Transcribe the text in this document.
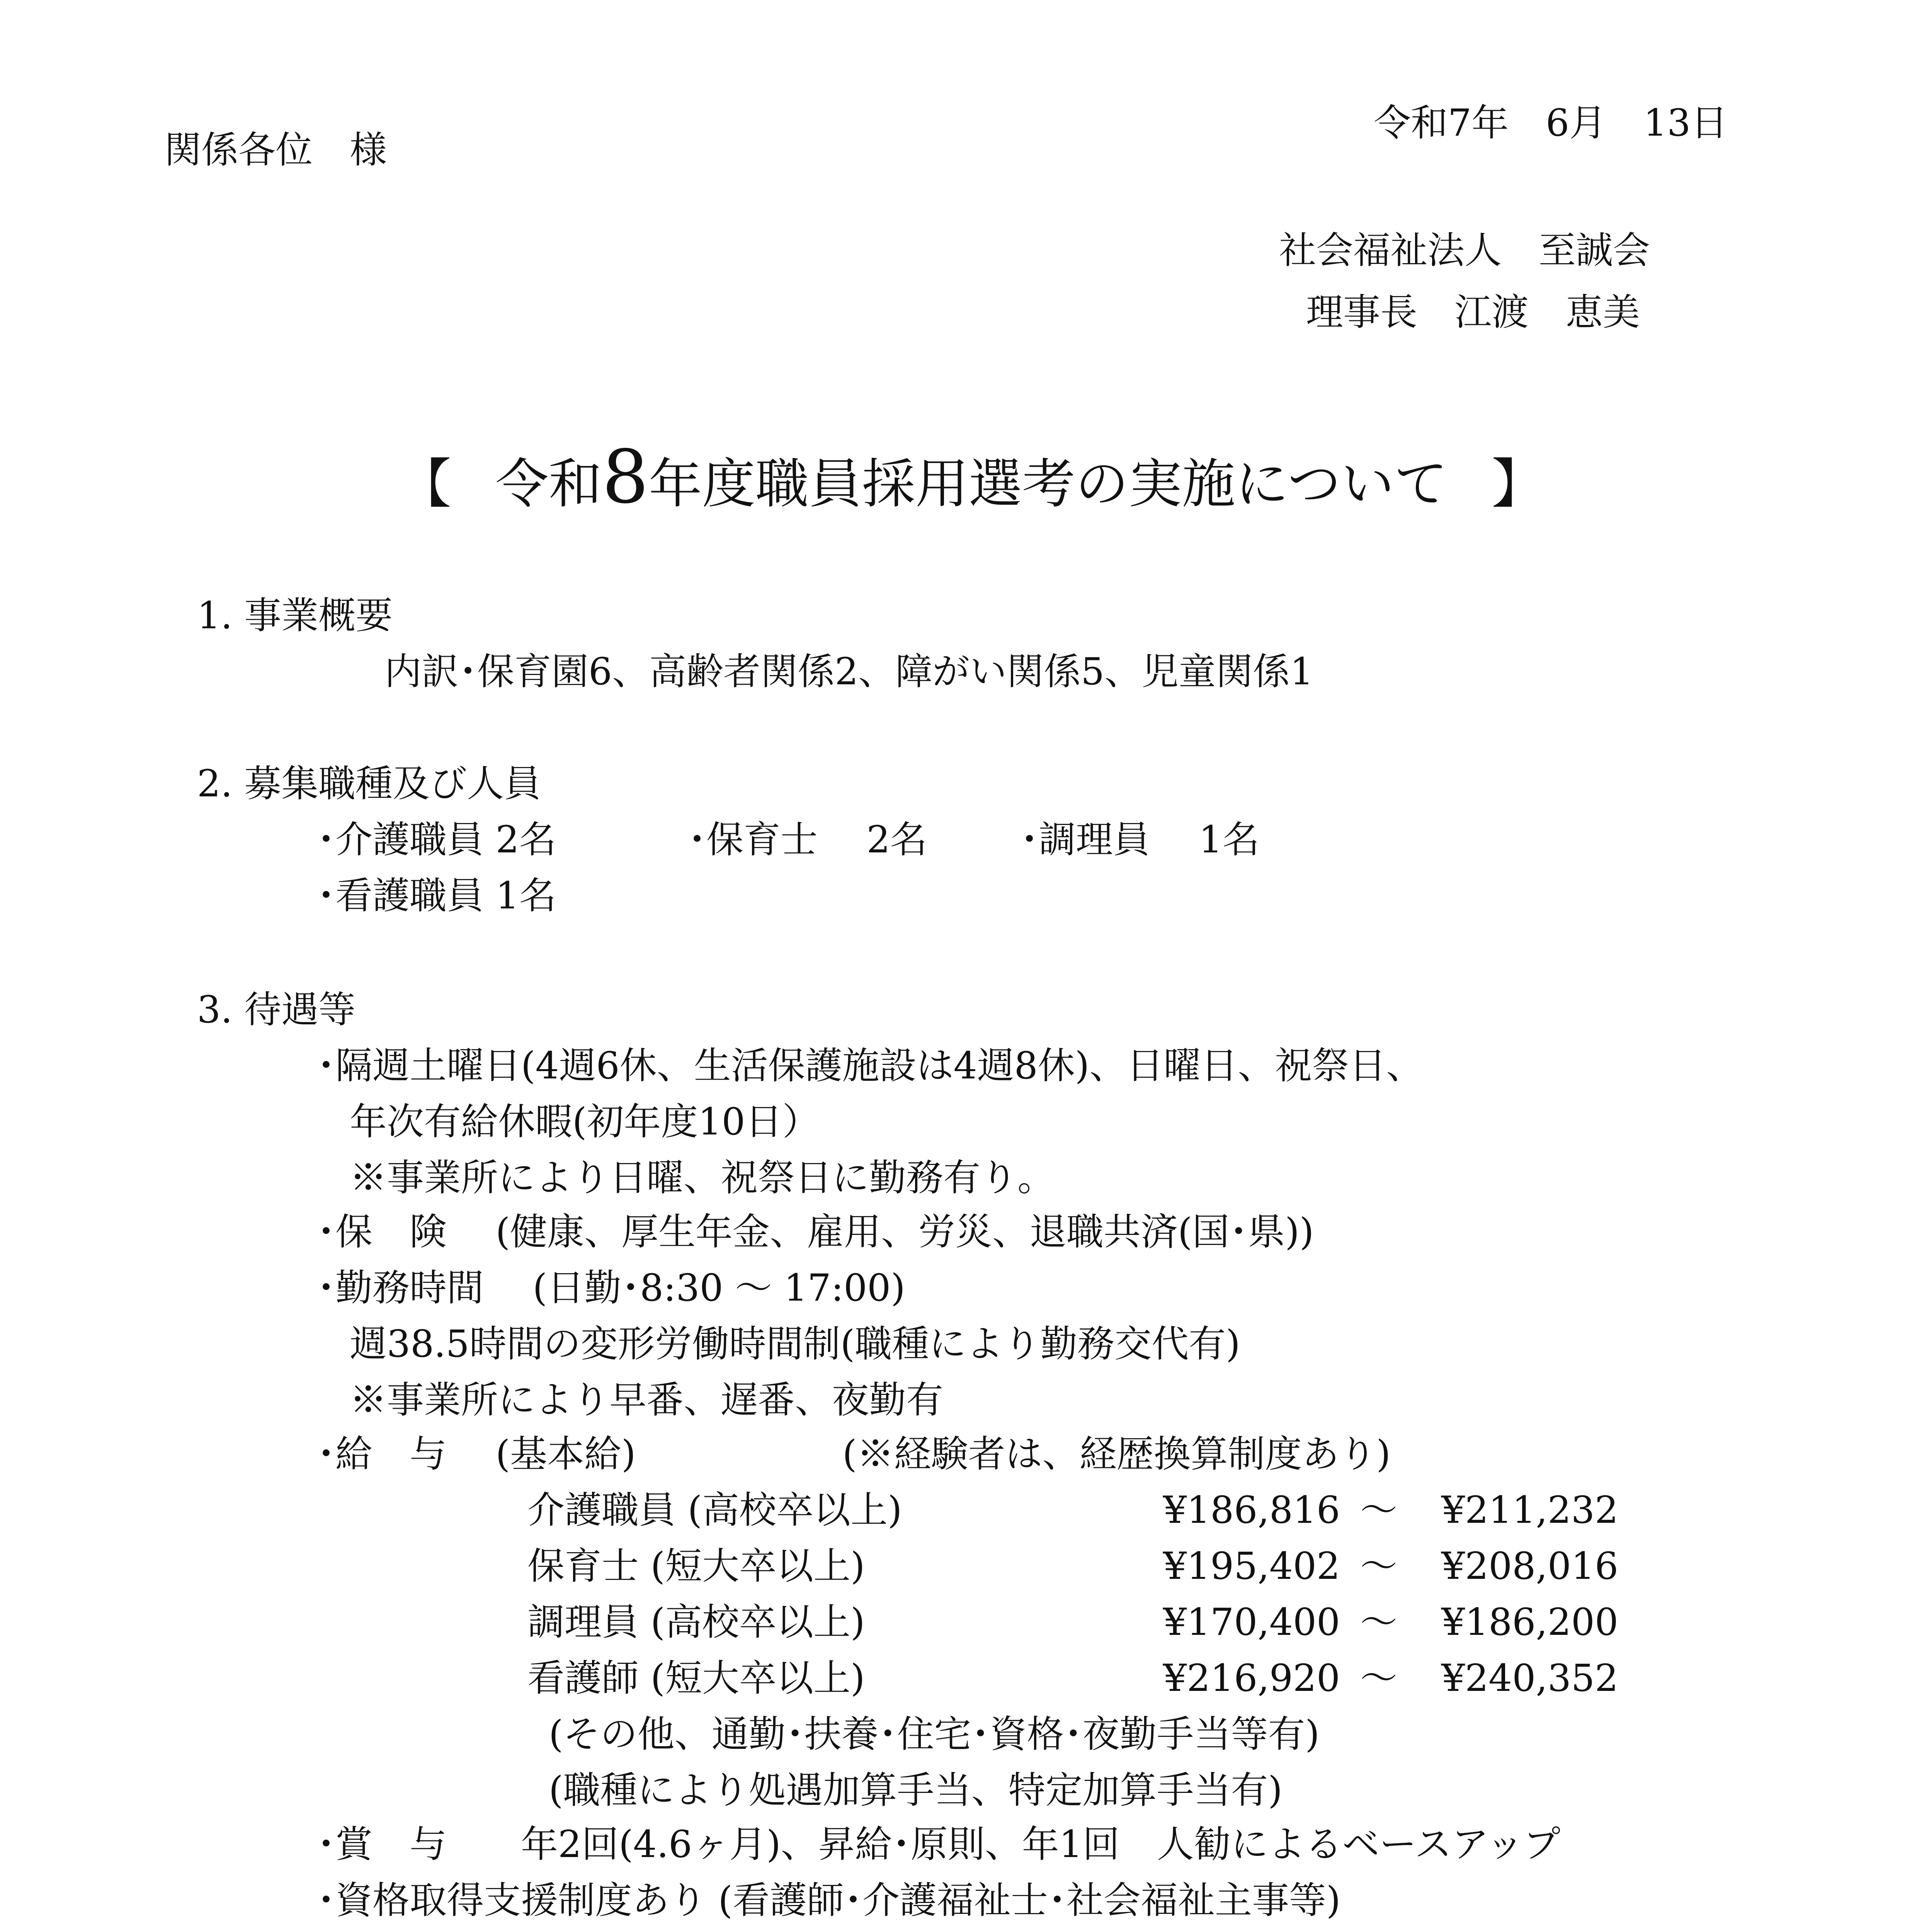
関係各位　様
令和7年　6月　13日
社会福祉法人　至誠会
理事長　江渡　恵美
【 令和8年度職員採用選考の実施について 】
1. 事業概要
内訳･保育園6、高齢者関係2、障がい関係5、児童関係1
2. 募集職種及び人員
･介護職員 2名	･保育士　 2名	･調理員　 1名
･看護職員 1名
3. 待遇等
･隔週土曜日(4週6休、生活保護施設は4週8休)、日曜日、祝祭日、
年次有給休暇(初年度10日）
※事業所により日曜、祝祭日に勤務有り。
･保　険　 (健康、厚生年金、雇用、労災、退職共済(国･県))
･勤務時間　 (日勤･8:30 〜 17:00)
週38.5時間の変形労働時間制(職種により勤務交代有)
※事業所により早番、遅番、夜勤有
･給　与　 (基本給)	(※経験者は、経歴換算制度あり)
介護職員 (高校卒以上)	¥186,816 〜 ¥211,232
保育士 (短大卒以上)	¥195,402 〜 ¥208,016
調理員 (高校卒以上)	¥170,400 〜 ¥186,200
看護師 (短大卒以上)	¥216,920 〜 ¥240,352
(その他、通勤･扶養･住宅･資格･夜勤手当等有)
(職種により処遇加算手当、特定加算手当有)
･賞　与　　年2回(4.6ヶ月)、昇給･原則、年1回　人勧によるベースアップ
･資格取得支援制度あり (看護師･介護福祉士･社会福祉主事等)
